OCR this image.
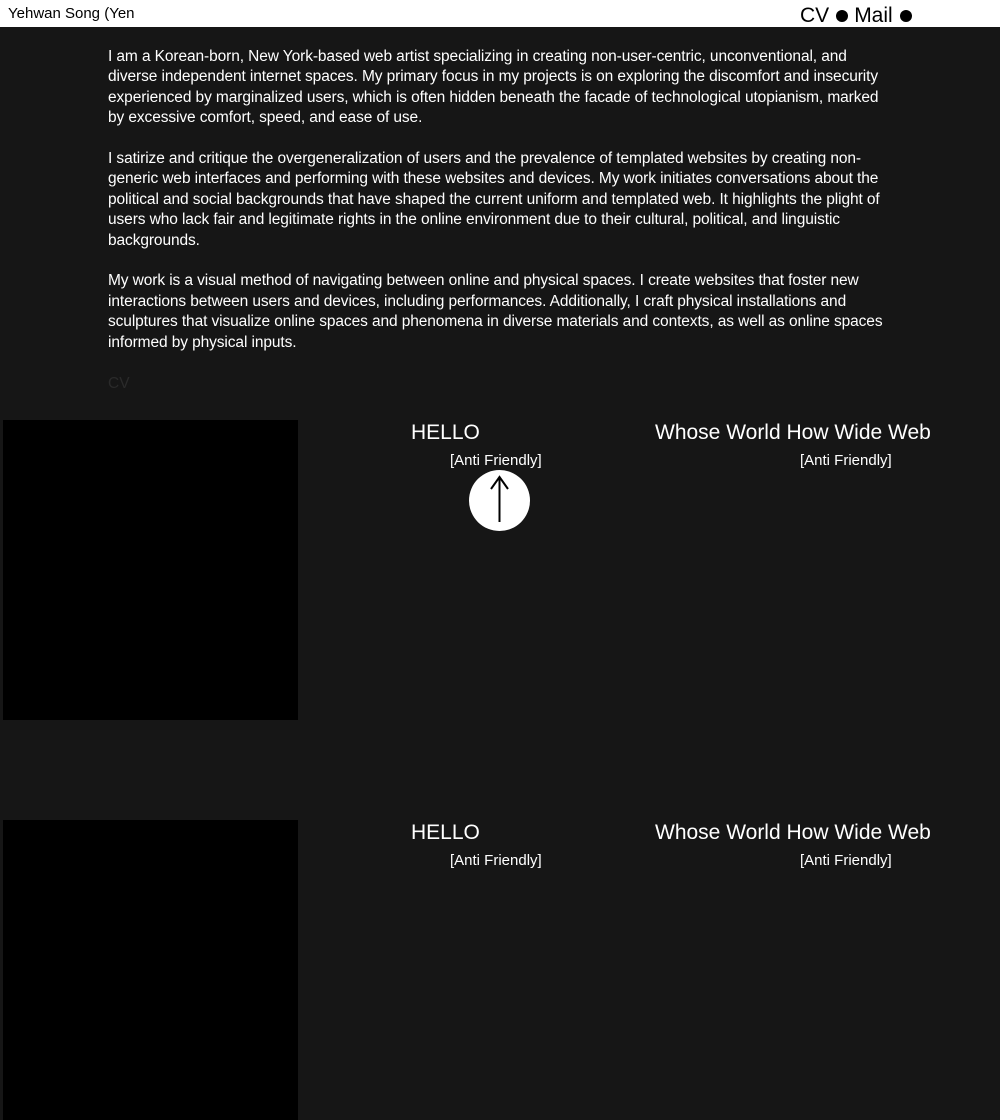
Yehwan Song (Yen	CV Mail

I am a Korean-born, New York-based web artist specializing in creating non-user-centric, unconventional, and diverse independent internet spaces. My primary focus in my projects is on exploring the discomfort and insecurity experienced by marginalized users, which is often hidden beneath the facade of technological utopianism, marked by excessive comfort, speed, and ease of use.

I satirize and critique the overgeneralization of users and the prevalence of templated websites by creating non-generic web interfaces and performing with these websites and devices. My work initiates conversations about the political and social backgrounds that have shaped the current uniform and templated web. It highlights the plight of users who lack fair and legitimate rights in the online environment due to their cultural, political, and linguistic backgrounds.

My work is a visual method of navigating between online and physical spaces. I create websites that foster new interactions between users and devices, including performances. Additionally, I craft physical installations and sculptures that visualize online spaces and phenomena in diverse materials and contexts, as well as online spaces informed by physical inputs.

CV
HELLO
[Anti Friendly]
Whose World How Wide Web
[Anti Friendly]
HELLO
[Anti Friendly]
Whose World How Wide Web
[Anti Friendly]
